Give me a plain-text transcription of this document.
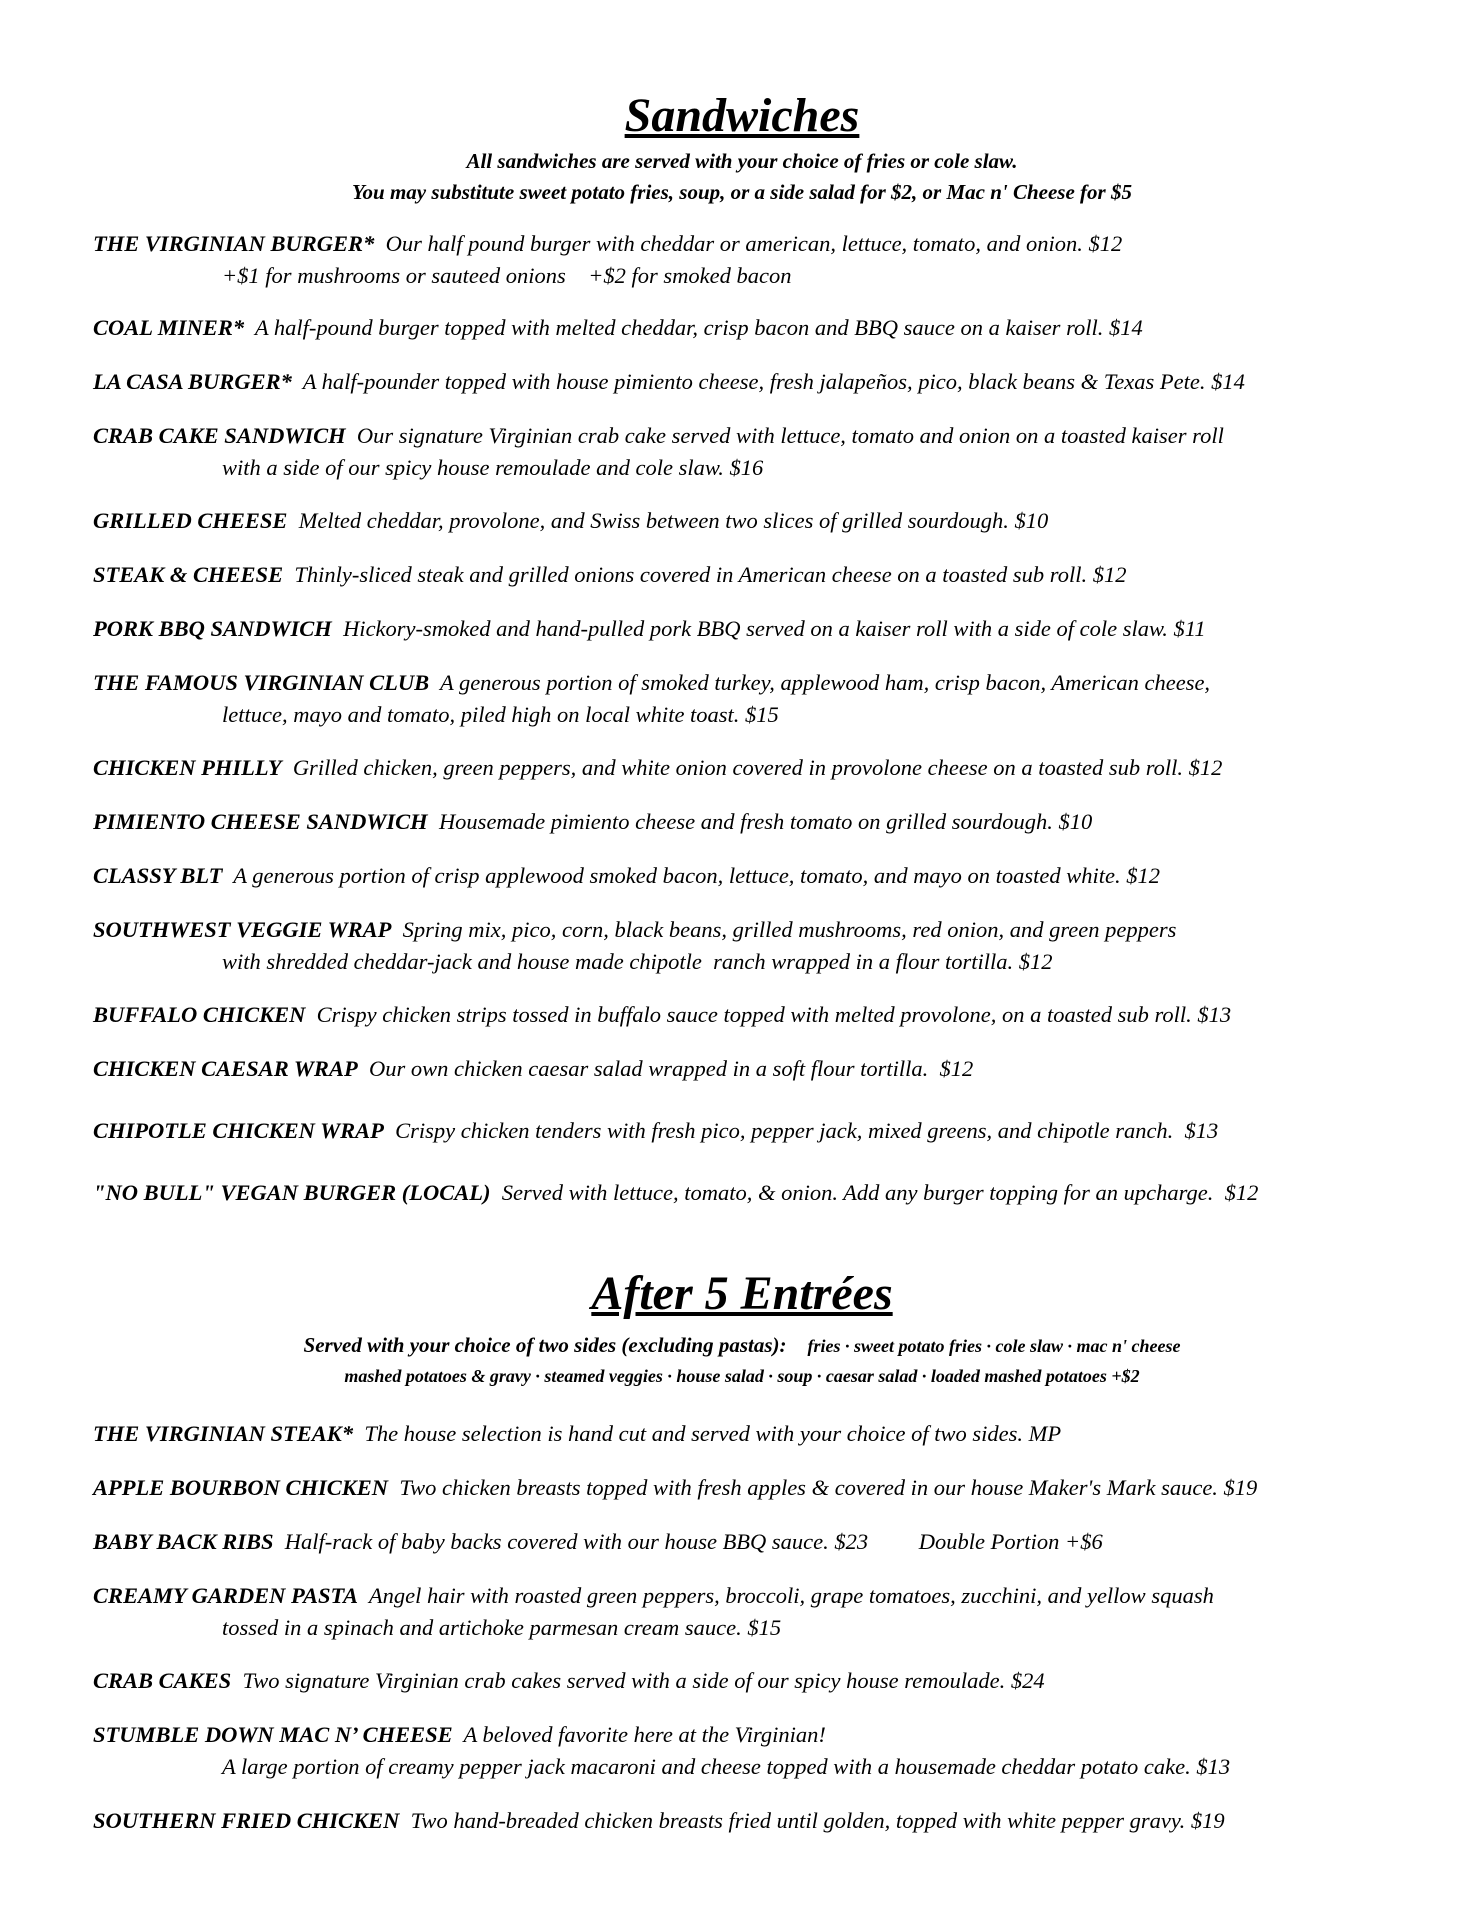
Sandwiches
All sandwiches are served with your choice of fries or cole slaw.
You may substitute sweet potato fries, soup, or a side salad for $2, or Mac n' Cheese for $5
THE VIRGINIAN BURGER* Our half pound burger with cheddar or american, lettuce, tomato, and onion. $12
+$1 for mushrooms or sauteed onions    +$2 for smoked bacon
COAL MINER* A half-pound burger topped with melted cheddar, crisp bacon and BBQ sauce on a kaiser roll. $14
LA CASA BURGER* A half-pounder topped with house pimiento cheese, fresh jalapeños, pico, black beans & Texas Pete. $14
CRAB CAKE SANDWICH Our signature Virginian crab cake served with lettuce, tomato and onion on a toasted kaiser roll
with a side of our spicy house remoulade and cole slaw. $16
GRILLED CHEESE Melted cheddar, provolone, and Swiss between two slices of grilled sourdough. $10
STEAK & CHEESE Thinly-sliced steak and grilled onions covered in American cheese on a toasted sub roll. $12
PORK BBQ SANDWICH Hickory-smoked and hand-pulled pork BBQ served on a kaiser roll with a side of cole slaw. $11
THE FAMOUS VIRGINIAN CLUB A generous portion of smoked turkey, applewood ham, crisp bacon, American cheese,
lettuce, mayo and tomato, piled high on local white toast. $15
CHICKEN PHILLY Grilled chicken, green peppers, and white onion covered in provolone cheese on a toasted sub roll. $12
PIMIENTO CHEESE SANDWICH Housemade pimiento cheese and fresh tomato on grilled sourdough. $10
CLASSY BLT A generous portion of crisp applewood smoked bacon, lettuce, tomato, and mayo on toasted white. $12
SOUTHWEST VEGGIE WRAP Spring mix, pico, corn, black beans, grilled mushrooms, red onion, and green peppers
with shredded cheddar-jack and house made chipotle  ranch wrapped in a flour tortilla. $12
BUFFALO CHICKEN Crispy chicken strips tossed in buffalo sauce topped with melted provolone, on a toasted sub roll. $13
CHICKEN CAESAR WRAP Our own chicken caesar salad wrapped in a soft flour tortilla.  $12
CHIPOTLE CHICKEN WRAP Crispy chicken tenders with fresh pico, pepper jack, mixed greens, and chipotle ranch.  $13
"NO BULL" VEGAN BURGER (LOCAL) Served with lettuce, tomato, & onion. Add any burger topping for an upcharge.  $12
After 5 Entrées
Served with your choice of two sides (excluding pastas): fries · sweet potato fries · cole slaw · mac n' cheese
mashed potatoes & gravy · steamed veggies · house salad · soup · caesar salad · loaded mashed potatoes +$2
THE VIRGINIAN STEAK* The house selection is hand cut and served with your choice of two sides. MP
APPLE BOURBON CHICKEN Two chicken breasts topped with fresh apples & covered in our house Maker's Mark sauce. $19
BABY BACK RIBS Half-rack of baby backs covered with our house BBQ sauce. $23 Double Portion +$6
CREAMY GARDEN PASTA Angel hair with roasted green peppers, broccoli, grape tomatoes, zucchini, and yellow squash
tossed in a spinach and artichoke parmesan cream sauce. $15
CRAB CAKES Two signature Virginian crab cakes served with a side of our spicy house remoulade. $24
STUMBLE DOWN MAC N’ CHEESE A beloved favorite here at the Virginian!
A large portion of creamy pepper jack macaroni and cheese topped with a housemade cheddar potato cake. $13
SOUTHERN FRIED CHICKEN Two hand-breaded chicken breasts fried until golden, topped with white pepper gravy. $19
